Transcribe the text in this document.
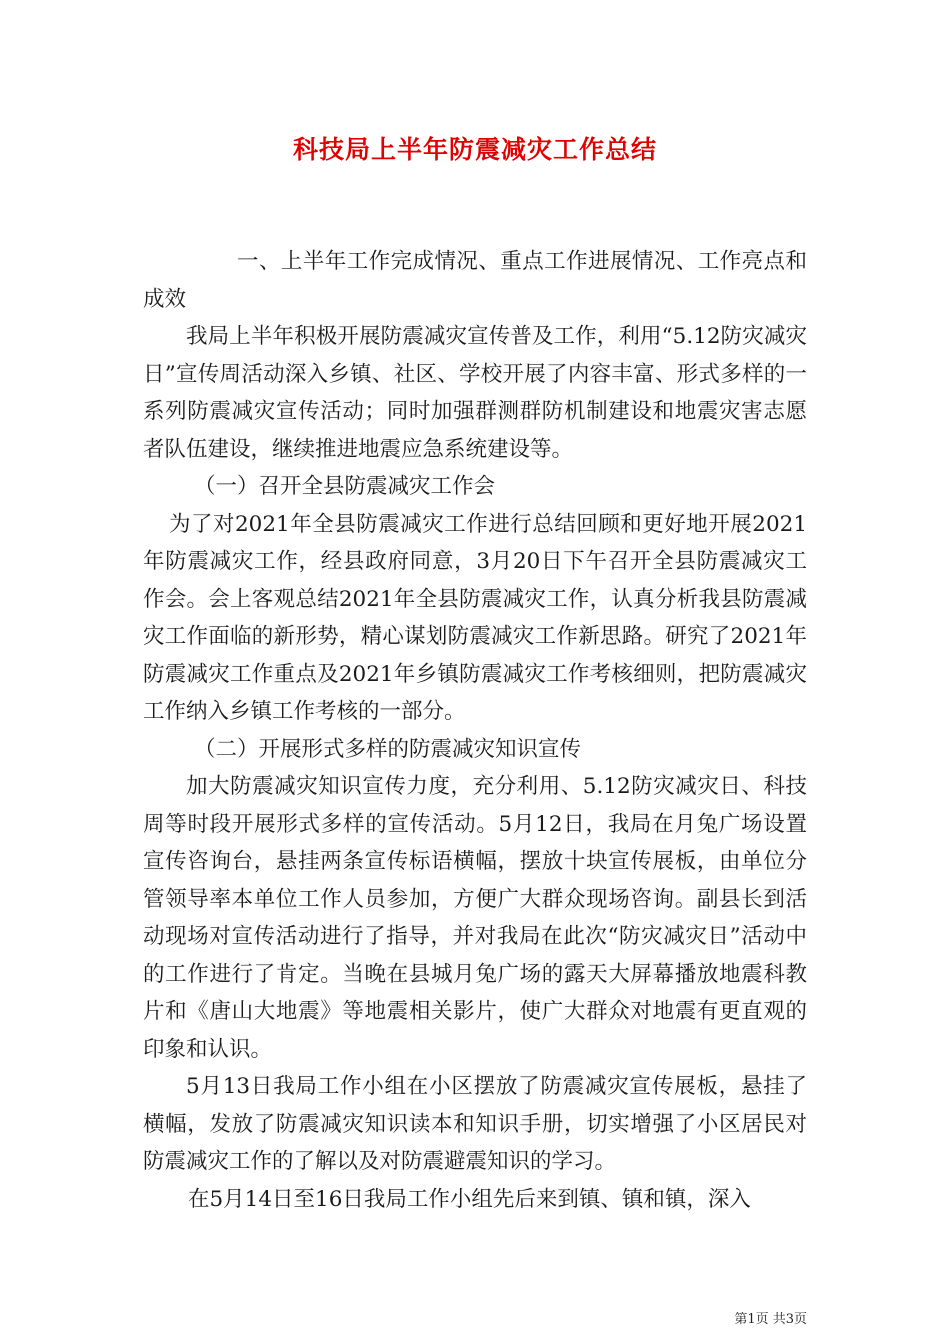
科技局上半年防震减灾工作总结

一、上半年工作完成情况、重点工作进展情况、工作亮点和成效

我局上半年积极开展防震减灾宣传普及工作，利用“5.12防灾减灾日”宣传周活动深入乡镇、社区、学校开展了内容丰富、形式多样的一系列防震减灾宣传活动；同时加强群测群防机制建设和地震灾害志愿者队伍建设，继续推进地震应急系统建设等。

（一）召开全县防震减灾工作会

为了对2021年全县防震减灾工作进行总结回顾和更好地开展2021年防震减灾工作，经县政府同意，3月20日下午召开全县防震减灾工作会。会上客观总结2021年全县防震减灾工作，认真分析我县防震减灾工作面临的新形势，精心谋划防震减灾工作新思路。研究了2021年防震减灾工作重点及2021年乡镇防震减灾工作考核细则，把防震减灾工作纳入乡镇工作考核的一部分。

（二）开展形式多样的防震减灾知识宣传

加大防震减灾知识宣传力度，充分利用、5.12防灾减灾日、科技周等时段开展形式多样的宣传活动。5月12日，我局在月兔广场设置宣传咨询台，悬挂两条宣传标语横幅，摆放十块宣传展板，由单位分管领导率本单位工作人员参加，方便广大群众现场咨询。副县长到活动现场对宣传活动进行了指导，并对我局在此次“防灾减灾日”活动中的工作进行了肯定。当晚在县城月兔广场的露天大屏幕播放地震科教片和《唐山大地震》等地震相关影片，使广大群众对地震有更直观的印象和认识。

5月13日我局工作小组在小区摆放了防震减灾宣传展板，悬挂了横幅，发放了防震减灾知识读本和知识手册，切实增强了小区居民对防震减灾工作的了解以及对防震避震知识的学习。

在5月14日至16日我局工作小组先后来到镇、镇和镇，深入

第1页 共3页
